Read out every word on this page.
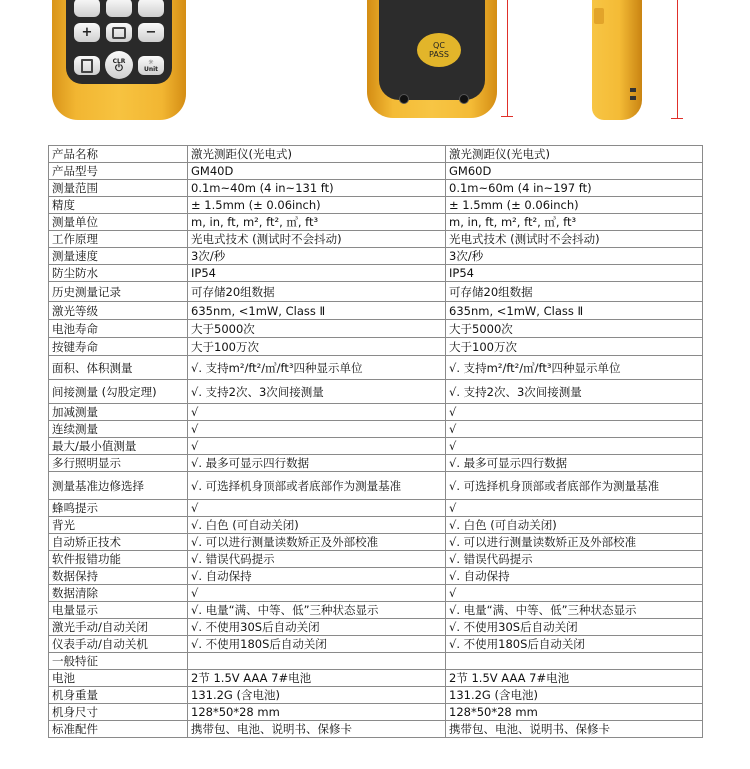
+	−
CLR
⏻
☼
Unit
QC
PASS
产品名称	激光测距仪(光电式)	激光测距仪(光电式)
产品型号	GM40D	GM60D
测量范围	0.1m~40m (4 in~131 ft)	0.1m~60m (4 in~197 ft)
精度	± 1.5mm (± 0.06inch)	± 1.5mm (± 0.06inch)
测量单位	m, in, ft, m², ft², ㎥, ft³	m, in, ft, m², ft², ㎥, ft³
工作原理	光电式技术 (测试时不会抖动)	光电式技术 (测试时不会抖动)
测量速度	3次/秒	3次/秒
防尘防水	IP54	IP54
历史测量记录	可存储20组数据	可存储20组数据
激光等级	635nm, <1mW, Class Ⅱ	635nm, <1mW, Class Ⅱ
电池寿命	大于5000次	大于5000次
按键寿命	大于100万次	大于100万次
面积、体积测量	√. 支持m²/ft²/㎥/ft³四种显示单位	√. 支持m²/ft²/㎥/ft³四种显示单位
间接测量 (勾股定理)	√. 支持2次、3次间接测量	√. 支持2次、3次间接测量
加减测量	√	√
连续测量	√	√
最大/最小值测量	√	√
多行照明显示	√. 最多可显示四行数据	√. 最多可显示四行数据
测量基准边修选择	√. 可选择机身顶部或者底部作为测量基准	√. 可选择机身顶部或者底部作为测量基准
蜂鸣提示	√	√
背光	√. 白色 (可自动关闭)	√. 白色 (可自动关闭)
自动矫正技术	√. 可以进行测量读数矫正及外部校准	√. 可以进行测量读数矫正及外部校准
软件报错功能	√. 错误代码提示	√. 错误代码提示
数据保持	√. 自动保持	√. 自动保持
数据清除	√	√
电量显示	√. 电量“满、中等、低”三种状态显示	√. 电量“满、中等、低”三种状态显示
激光手动/自动关闭	√. 不使用30S后自动关闭	√. 不使用30S后自动关闭
仪表手动/自动关机	√. 不使用180S后自动关闭	√. 不使用180S后自动关闭
一般特征		
电池	2节 1.5V AAA 7#电池	2节 1.5V AAA 7#电池
机身重量	131.2G (含电池)	131.2G (含电池)
机身尺寸	128*50*28 mm	128*50*28 mm
标准配件	携带包、电池、说明书、保修卡	携带包、电池、说明书、保修卡
